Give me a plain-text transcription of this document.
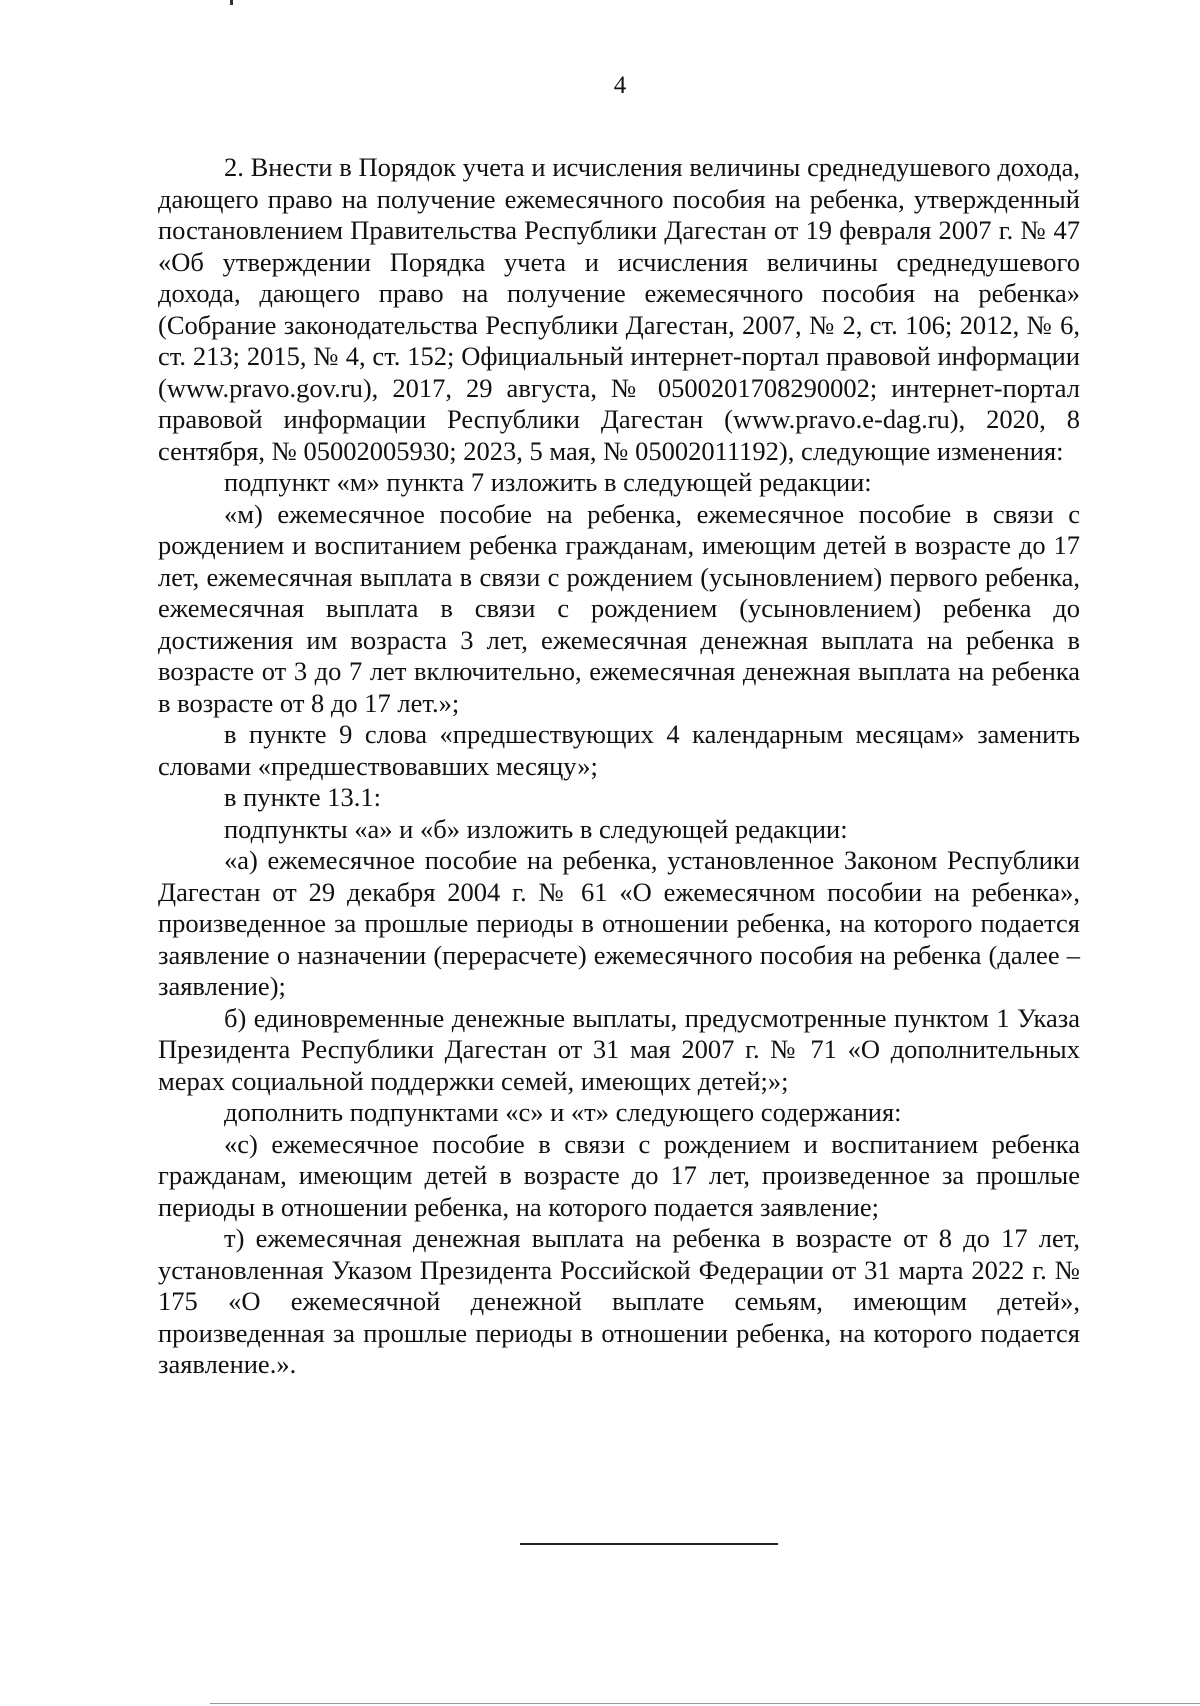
4

2. Внести в Порядок учета и исчисления величины среднедушевого дохода, дающего право на получение ежемесячного пособия на ребенка, утвержденный постановлением Правительства Республики Дагестан от 19 февраля 2007 г. № 47 «Об утверждении Порядка учета и исчисления величины среднедушевого дохода, дающего право на получение ежемесячного пособия на ребенка» (Собрание законодательства Республики Дагестан, 2007, № 2, ст. 106; 2012, № 6, ст. 213; 2015, № 4, ст. 152; Официальный интернет-портал правовой информации (www.pravo.gov.ru), 2017, 29 августа, № 0500201708290002; интернет-портал правовой информации Республики Дагестан (www.pravo.e-dag.ru), 2020, 8 сентября, № 05002005930; 2023, 5 мая, № 05002011192), следующие изменения:

подпункт «м» пункта 7 изложить в следующей редакции:

«м) ежемесячное пособие на ребенка, ежемесячное пособие в связи с рождением и воспитанием ребенка гражданам, имеющим детей в возрасте до 17 лет, ежемесячная выплата в связи с рождением (усыновлением) первого ребенка, ежемесячная выплата в связи с рождением (усыновлением) ребенка до достижения им возраста 3 лет, ежемесячная денежная выплата на ребенка в возрасте от 3 до 7 лет включительно, ежемесячная денежная выплата на ребенка в возрасте от 8 до 17 лет.»;

в пункте 9 слова «предшествующих 4 календарным месяцам» заменить словами «предшествовавших месяцу»;

в пункте 13.1:

подпункты «а» и «б» изложить в следующей редакции:

«а) ежемесячное пособие на ребенка, установленное Законом Республики Дагестан от 29 декабря 2004 г. № 61 «О ежемесячном пособии на ребенка», произведенное за прошлые периоды в отношении ребенка, на которого подается заявление о назначении (перерасчете) ежемесячного пособия на ребенка (далее – заявление);

б) единовременные денежные выплаты, предусмотренные пунктом 1 Указа Президента Республики Дагестан от 31 мая 2007 г. № 71 «О дополнительных мерах социальной поддержки семей, имеющих детей;»;

дополнить подпунктами «с» и «т» следующего содержания:

«с) ежемесячное пособие в связи с рождением и воспитанием ребенка гражданам, имеющим детей в возрасте до 17 лет, произведенное за прошлые периоды в отношении ребенка, на которого подается заявление;

т) ежемесячная денежная выплата на ребенка в возрасте от 8 до 17 лет, установленная Указом Президента Российской Федерации от 31 марта 2022 г. № 175 «О ежемесячной денежной выплате семьям, имеющим детей», произведенная за прошлые периоды в отношении ребенка, на которого подается заявление.».
